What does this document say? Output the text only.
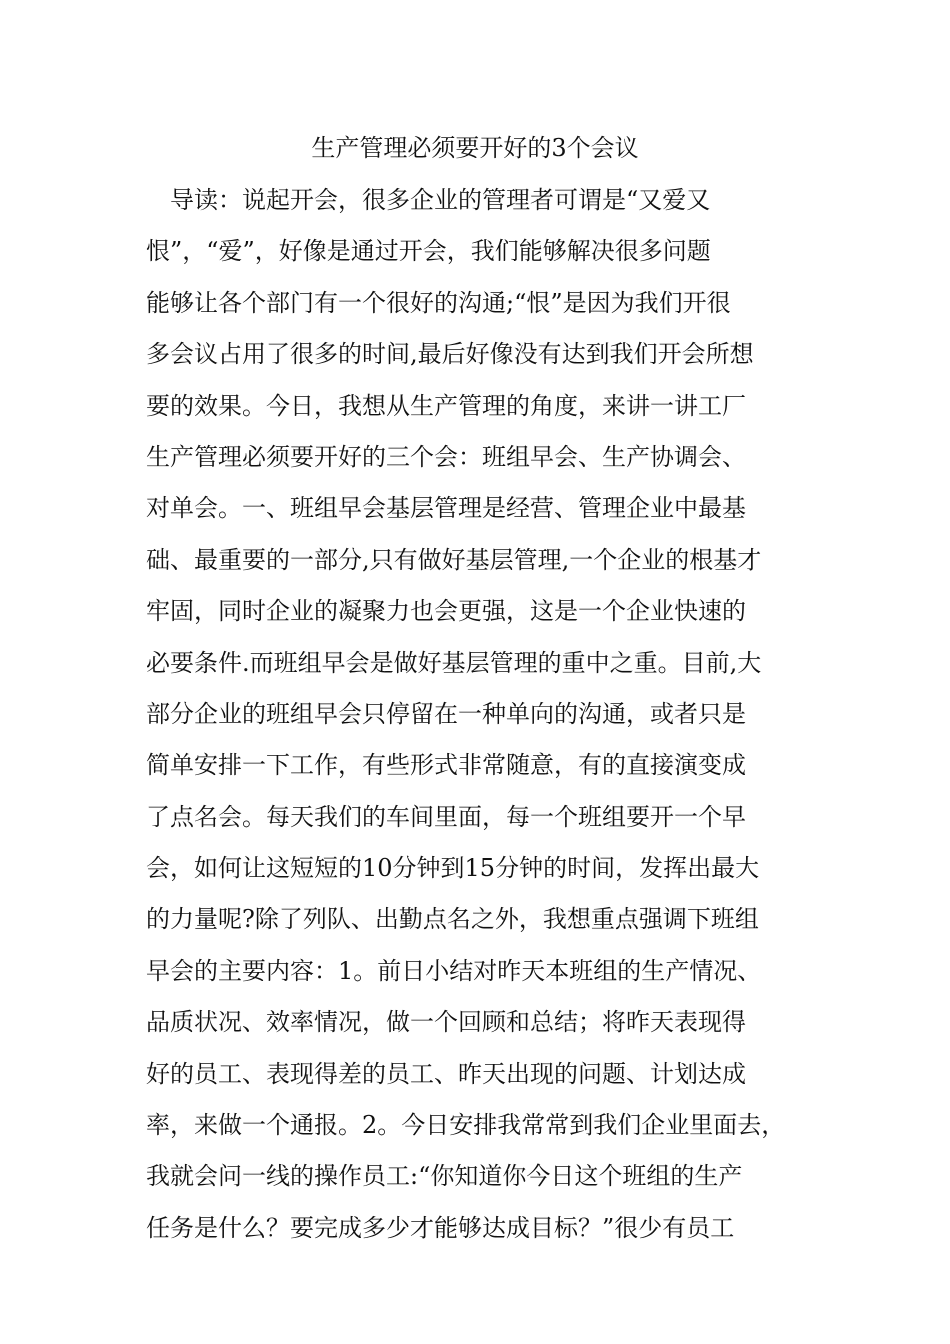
生产管理必须要开好的3个会议
导读：说起开会，很多企业的管理者可谓是“又爱又
恨”，“爱”，好像是通过开会，我们能够解决很多问题
能够让各个部门有一个很好的沟通;“恨”是因为我们开很
多会议占用了很多的时间,最后好像没有达到我们开会所想
要的效果。今日，我想从生产管理的角度，来讲一讲工厂
生产管理必须要开好的三个会：班组早会、生产协调会、
对单会。一、班组早会基层管理是经营、管理企业中最基
础、最重要的一部分,只有做好基层管理,一个企业的根基才
牢固，同时企业的凝聚力也会更强，这是一个企业快速的
必要条件.而班组早会是做好基层管理的重中之重。目前,大
部分企业的班组早会只停留在一种单向的沟通，或者只是
简单安排一下工作，有些形式非常随意，有的直接演变成
了点名会。每天我们的车间里面，每一个班组要开一个早
会，如何让这短短的10分钟到15分钟的时间，发挥出最大
的力量呢?除了列队、出勤点名之外，我想重点强调下班组
早会的主要内容：1。前日小结对昨天本班组的生产情况、
品质状况、效率情况，做一个回顾和总结；将昨天表现得
好的员工、表现得差的员工、昨天出现的问题、计划达成
率，来做一个通报。2。今日安排我常常到我们企业里面去，
我就会问一线的操作员工:“你知道你今日这个班组的生产
任务是什么？要完成多少才能够达成目标？”很少有员工
